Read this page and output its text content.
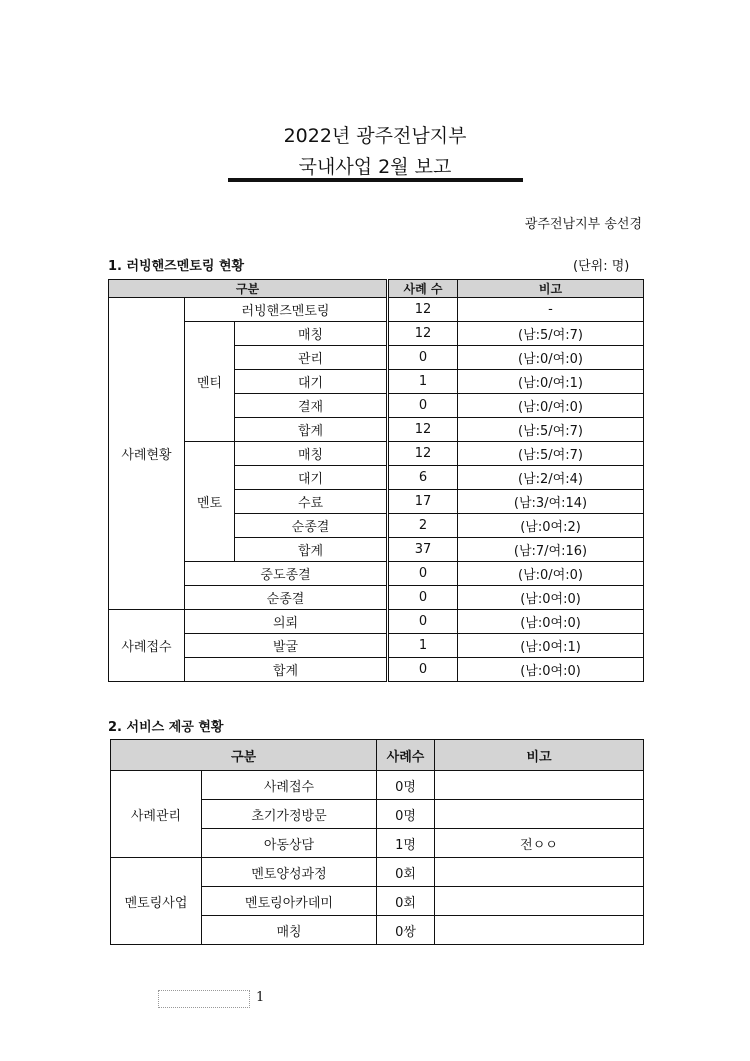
2022년 광주전남지부
국내사업 2월 보고
광주전남지부 송선경
1. 러빙핸즈멘토링 현황	(단위: 명)
구분			사례 수	비고
사례현황	러빙핸즈멘토링		12	-
	멘티	매칭	12	(남:5/여:7)
		관리	0	(남:0/여:0)
		대기	1	(남:0/여:1)
		결재	0	(남:0/여:0)
		합계	12	(남:5/여:7)
	멘토	매칭	12	(남:5/여:7)
		대기	6	(남:2/여:4)
		수료	17	(남:3/여:14)
		순종결	2	(남:0여:2)
		합계	37	(남:7/여:16)
	중도종결		0	(남:0/여:0)
	순종결		0	(남:0여:0)
사례접수	의뢰		0	(남:0여:0)
	발굴		1	(남:0여:1)
	합계		0	(남:0여:0)
2. 서비스 제공 현황
구분		사례수	비고
사례관리	사례접수	0명	
	초기가정방문	0명	
	아동상담	1명	전ㅇㅇ
멘토링사업	멘토양성과정	0회	
	멘토링아카데미	0회	
	매칭	0쌍	
1
